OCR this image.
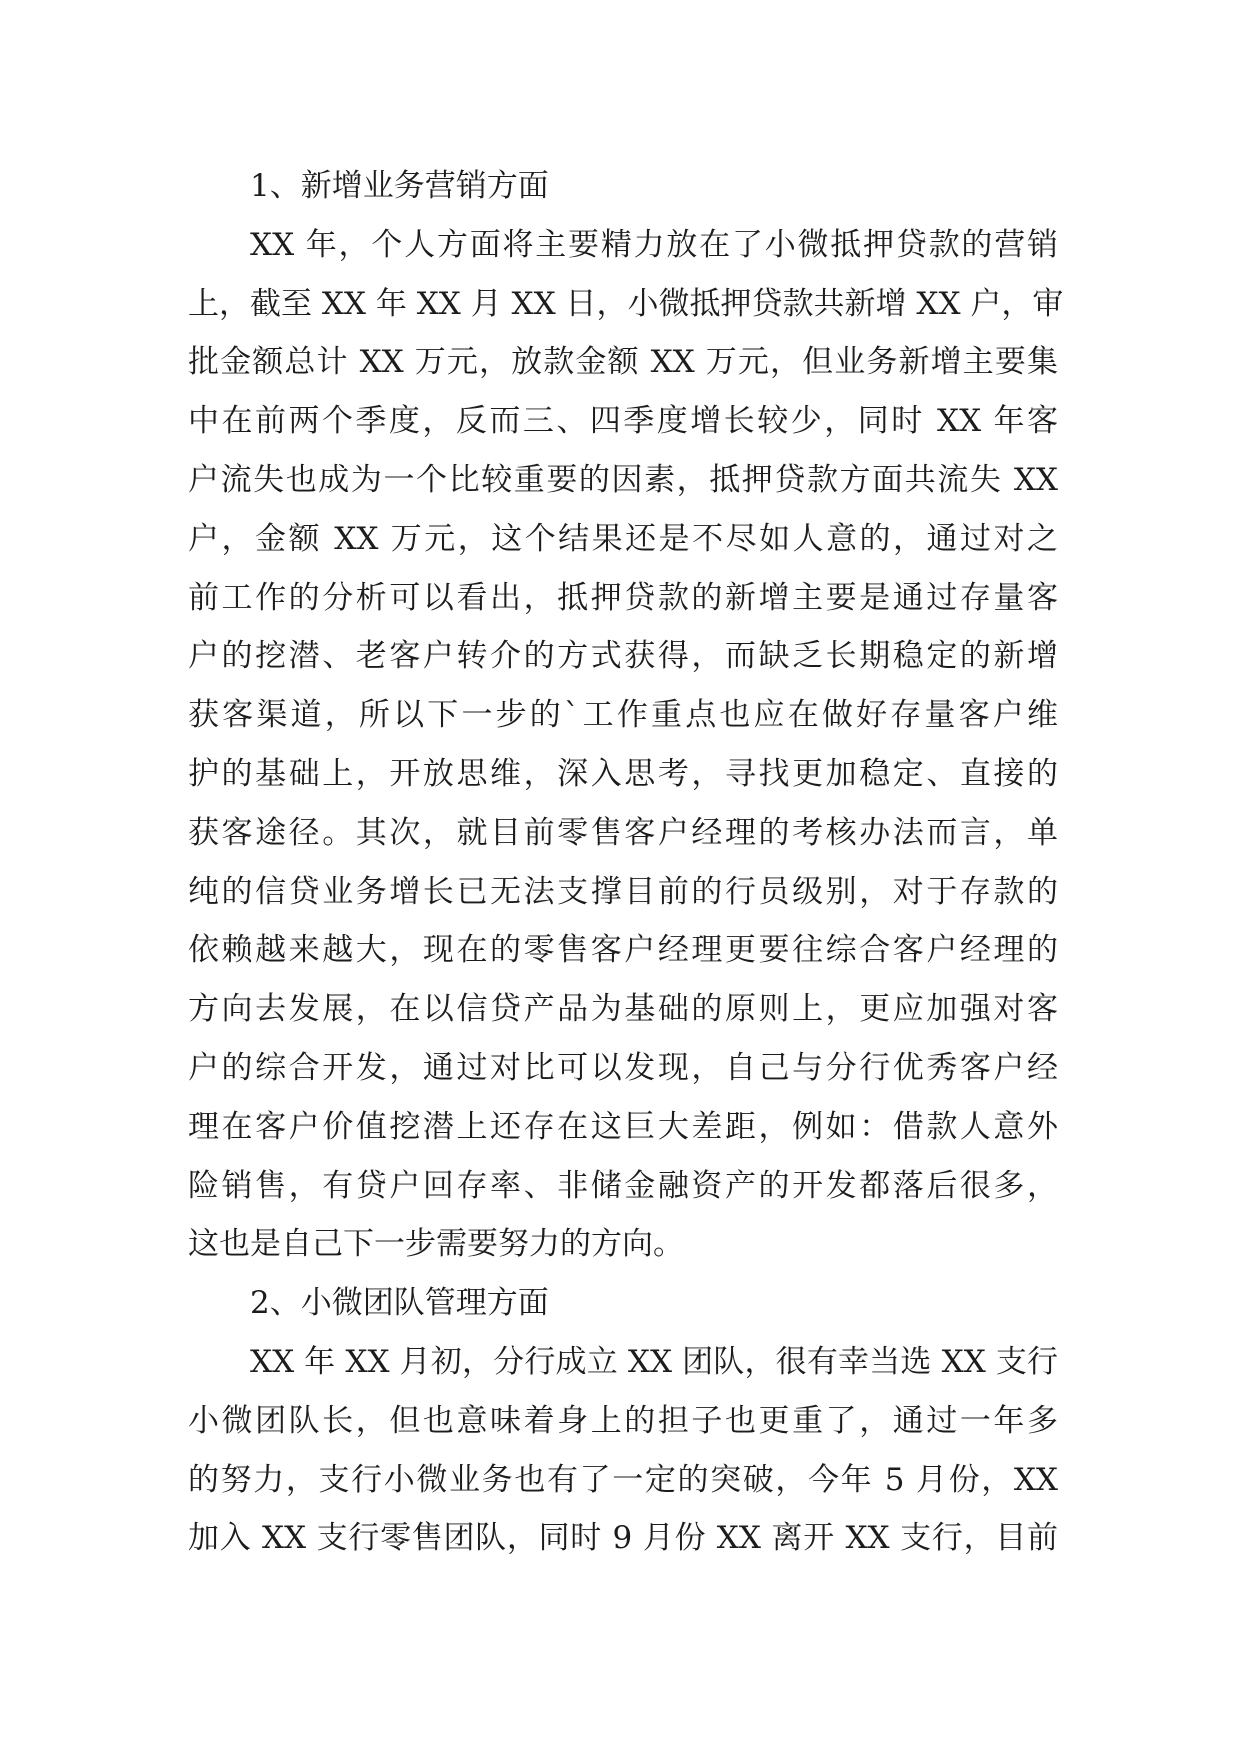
1、新增业务营销方面
XX 年，个人方面将主要精力放在了小微抵押贷款的营销
上，截至 XX 年 XX 月 XX 日，小微抵押贷款共新增 XX 户，审
批金额总计 XX 万元，放款金额 XX 万元，但业务新增主要集
中在前两个季度，反而三、四季度增长较少，同时 XX 年客
户流失也成为一个比较重要的因素，抵押贷款方面共流失 XX
户，金额 XX 万元，这个结果还是不尽如人意的，通过对之
前工作的分析可以看出，抵押贷款的新增主要是通过存量客
户的挖潜、老客户转介的方式获得，而缺乏长期稳定的新增
获客渠道，所以下一步的`工作重点也应在做好存量客户维
护的基础上，开放思维，深入思考，寻找更加稳定、直接的
获客途径。其次，就目前零售客户经理的考核办法而言，单
纯的信贷业务增长已无法支撑目前的行员级别，对于存款的
依赖越来越大，现在的零售客户经理更要往综合客户经理的
方向去发展，在以信贷产品为基础的原则上，更应加强对客
户的综合开发，通过对比可以发现，自己与分行优秀客户经
理在客户价值挖潜上还存在这巨大差距，例如：借款人意外
险销售，有贷户回存率、非储金融资产的开发都落后很多，
这也是自己下一步需要努力的方向。
2、小微团队管理方面
XX 年 XX 月初，分行成立 XX 团队，很有幸当选 XX 支行
小微团队长，但也意味着身上的担子也更重了，通过一年多
的努力，支行小微业务也有了一定的突破，今年 5 月份，XX
加入 XX 支行零售团队，同时 9 月份 XX 离开 XX 支行，目前
